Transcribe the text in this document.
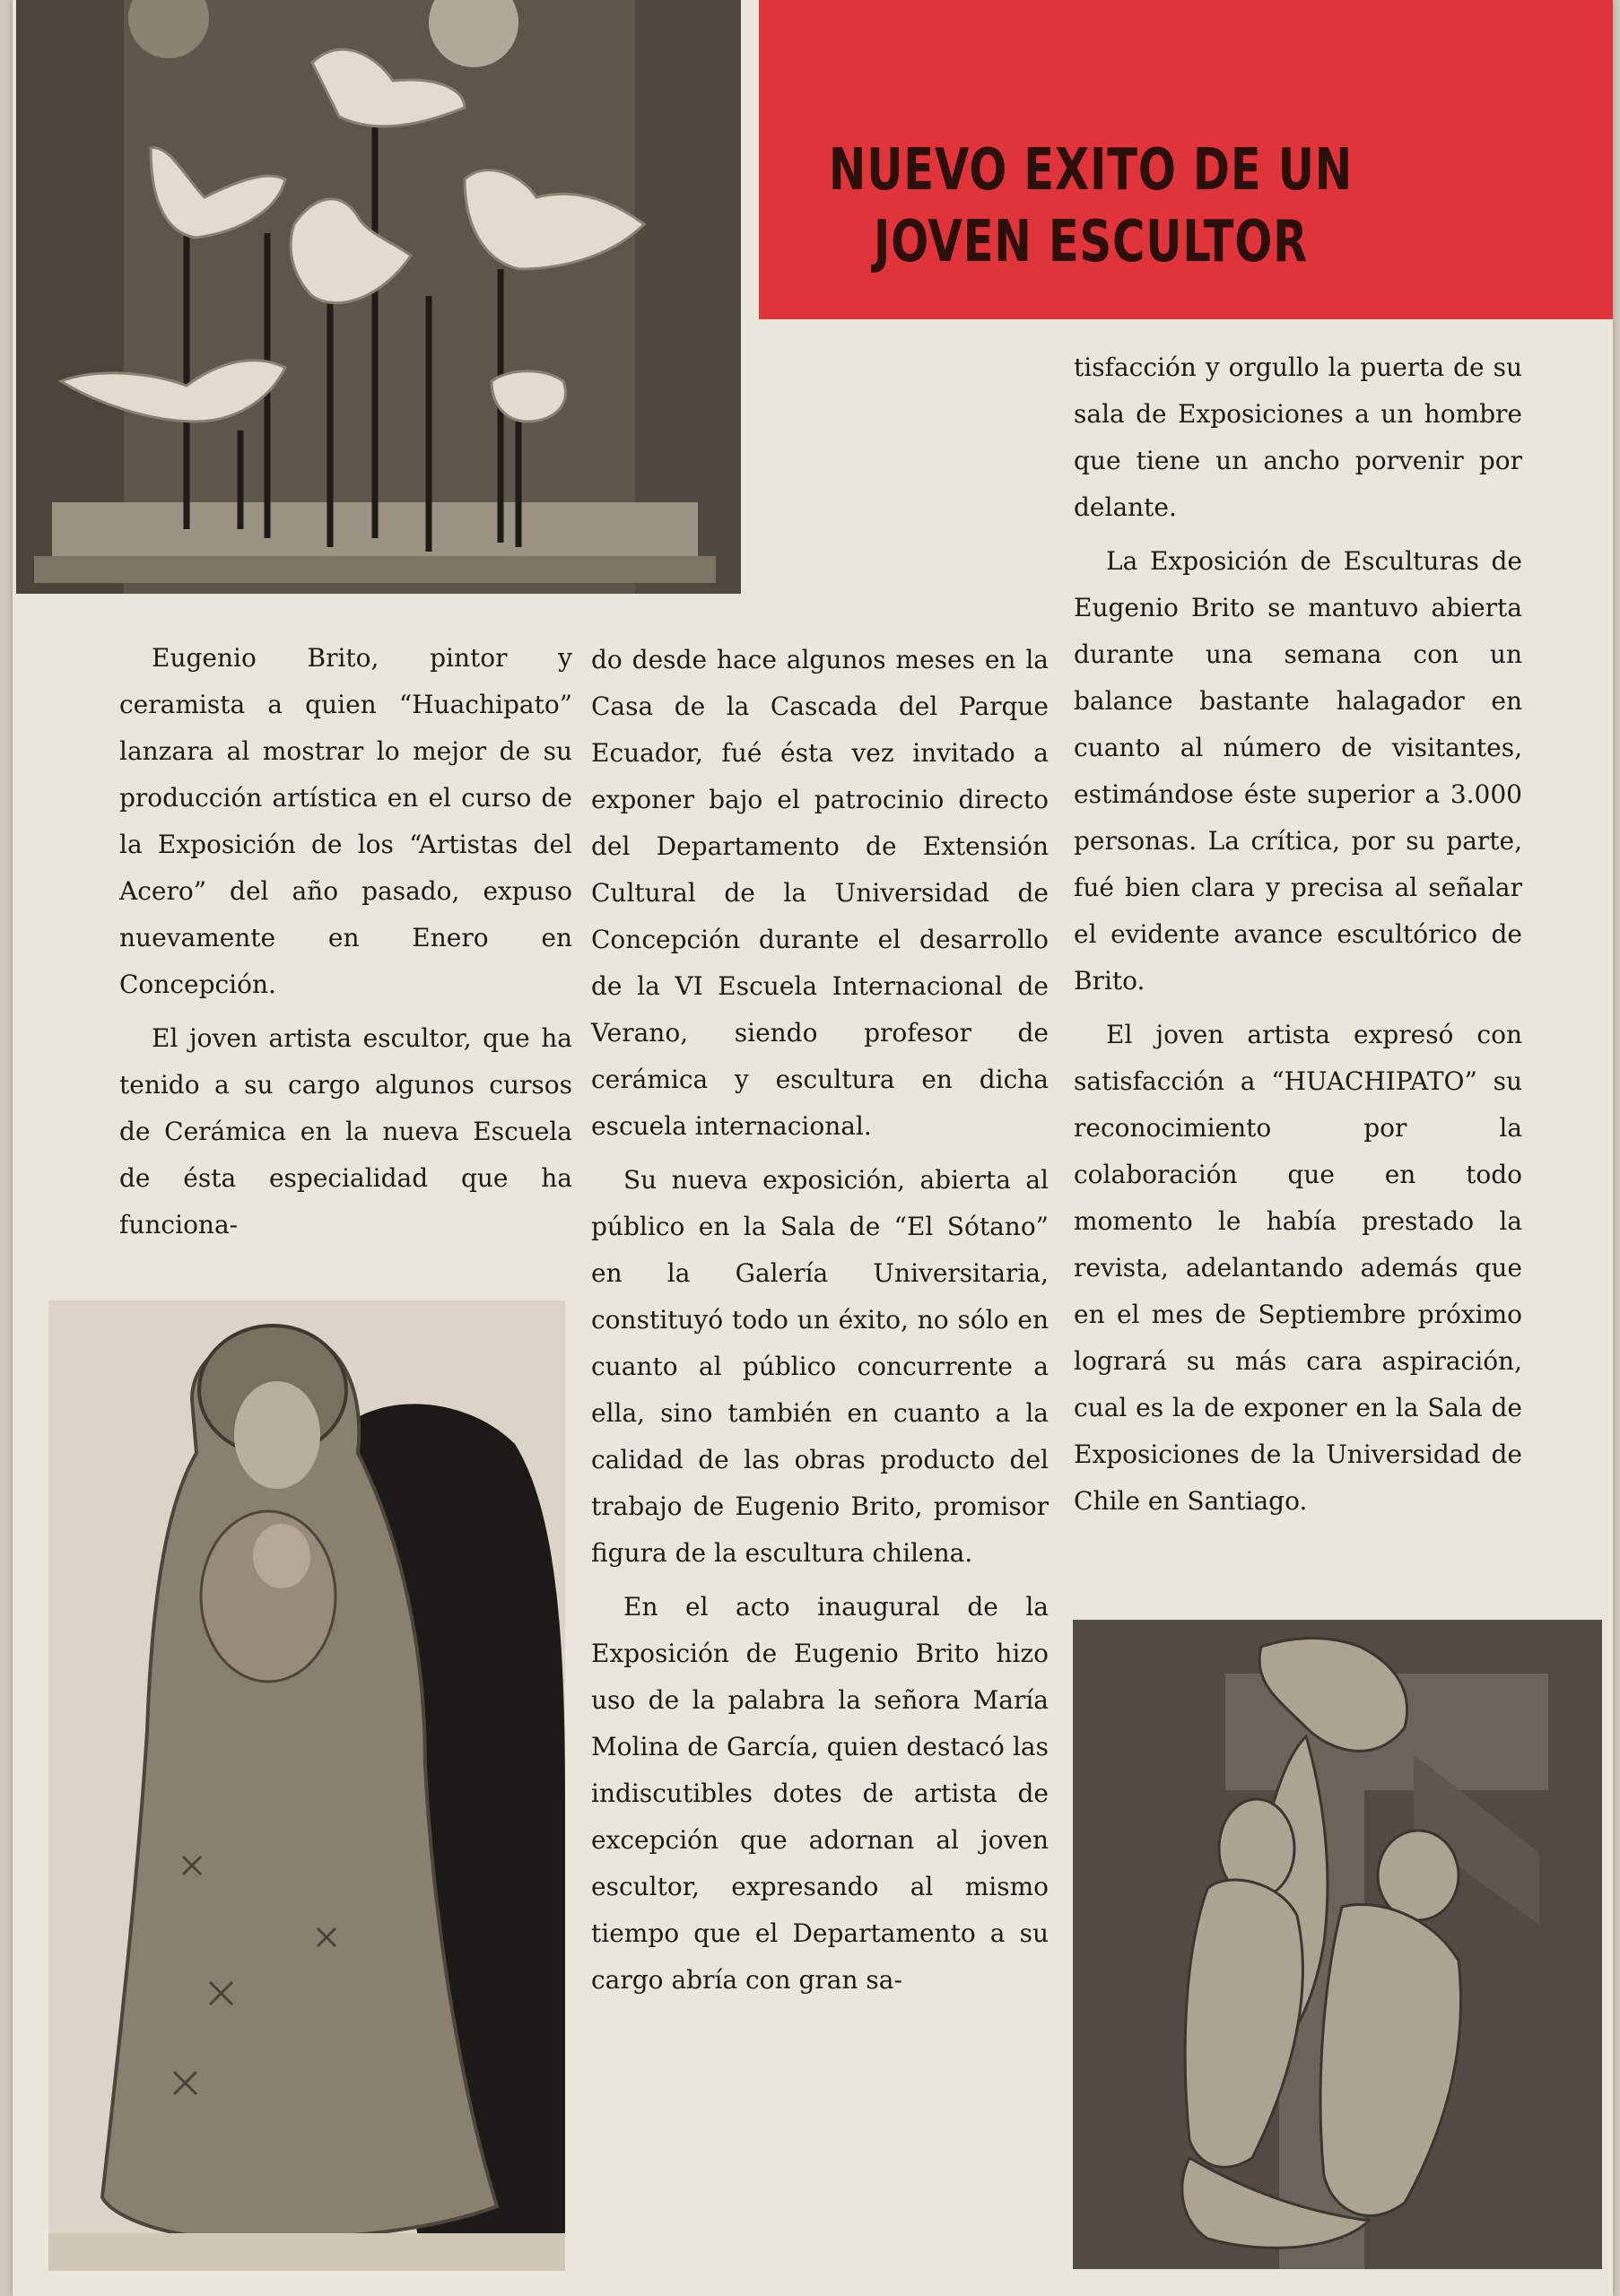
NUEVO EXITO DE UN
JOVEN ESCULTOR

Eugenio Brito, pintor y ceramista a quien “Huachipato” lanzara al mostrar lo mejor de su producción artística en el curso de la Exposición de los “Artistas del Acero” del año pasado, expuso nuevamente en Enero en Concepción.

El joven artista escultor, que ha tenido a su cargo algunos cursos de Cerámica en la nueva Escuela de ésta especialidad que ha funciona-

do desde hace algunos meses en la Casa de la Cascada del Parque Ecuador, fué ésta vez invitado a exponer bajo el patrocinio directo del Departamento de Extensión Cultural de la Universidad de Concepción durante el desarrollo de la VI Escuela Internacional de Verano, siendo profesor de cerámica y escultura en dicha escuela internacional.

Su nueva exposición, abierta al público en la Sala de “El Sótano” en la Galería Universitaria, constituyó todo un éxito, no sólo en cuanto al público concurrente a ella, sino también en cuanto a la calidad de las obras producto del trabajo de Eugenio Brito, promisor figura de la escultura chilena.

En el acto inaugural de la Exposición de Eugenio Brito hizo uso de la palabra la señora María Molina de García, quien destacó las indiscutibles dotes de artista de excepción que adornan al joven escultor, expresando al mismo tiempo que el Departamento a su cargo abría con gran sa-

tisfacción y orgullo la puerta de su sala de Exposiciones a un hombre que tiene un ancho porvenir por delante.

La Exposición de Esculturas de Eugenio Brito se mantuvo abierta durante una semana con un balance bastante halagador en cuanto al número de visitantes, estimándose éste superior a 3.000 personas. La crítica, por su parte, fué bien clara y precisa al señalar el evidente avance escultórico de Brito.

El joven artista expresó con satisfacción a “HUACHIPATO” su reconocimiento por la colaboración que en todo momento le había prestado la revista, adelantando además que en el mes de Septiembre próximo logrará su más cara aspiración, cual es la de exponer en la Sala de Exposiciones de la Universidad de Chile en Santiago.
